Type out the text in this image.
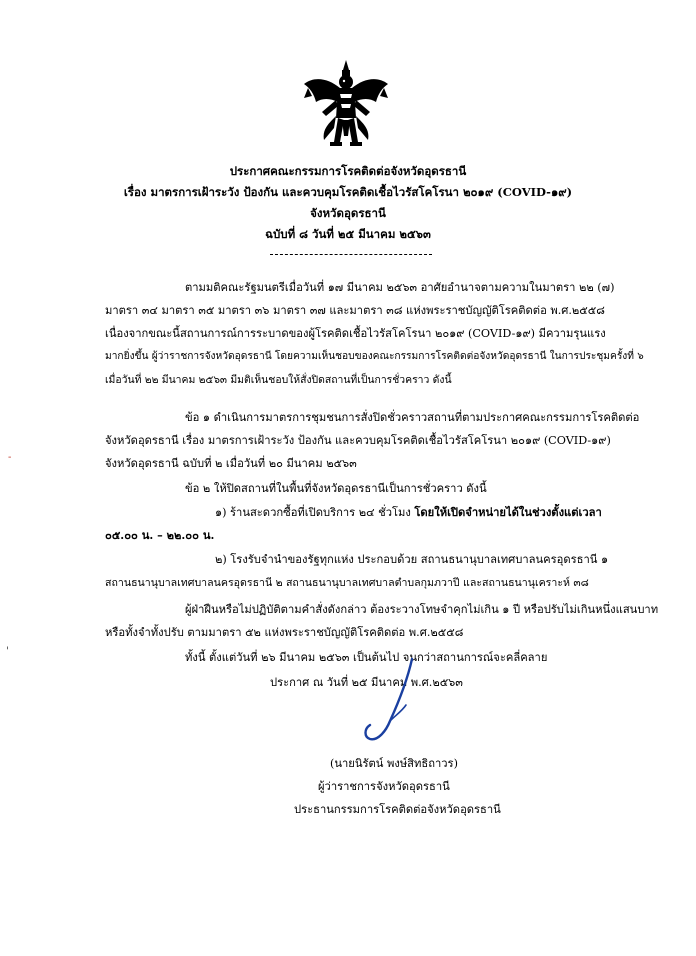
ประกาศคณะกรรมการโรคติดต่อจังหวัดอุดรธานี
เรื่อง มาตรการเฝ้าระวัง ป้องกัน และควบคุมโรคติดเชื้อไวรัสโคโรนา ๒๐๑๙ (COVID-๑๙)
จังหวัดอุดรธานี
ฉบับที่ ๘ วันที่ ๒๕ มีนาคม ๒๕๖๓
ตามมติคณะรัฐมนตรีเมื่อวันที่ ๑๗ มีนาคม ๒๕๖๓ อาศัยอำนาจตามความในมาตรา ๒๒ (๗)
มาตรา ๓๔ มาตรา ๓๕ มาตรา ๓๖ มาตรา ๓๗ และมาตรา ๓๘ แห่งพระราชบัญญัติโรคติดต่อ พ.ศ.๒๕๕๘
เนื่องจากขณะนี้สถานการณ์การระบาดของผู้โรคติดเชื้อไวรัสโคโรนา ๒๐๑๙ (COVID-๑๙) มีความรุนแรง
มากยิ่งขึ้น ผู้ว่าราชการจังหวัดอุดรธานี โดยความเห็นชอบของคณะกรรมการโรคติดต่อจังหวัดอุดรธานี ในการประชุมครั้งที่ ๖
เมื่อวันที่ ๒๒ มีนาคม ๒๕๖๓ มีมติเห็นชอบให้สั่งปิดสถานที่เป็นการชั่วคราว ดังนี้
ข้อ ๑ ดำเนินการมาตรการชุมชนการสั่งปิดชั่วคราวสถานที่ตามประกาศคณะกรรมการโรคติดต่อ
จังหวัดอุดรธานี เรื่อง มาตรการเฝ้าระวัง ป้องกัน และควบคุมโรคติดเชื้อไวรัสโคโรนา ๒๐๑๙ (COVID-๑๙)
จังหวัดอุดรธานี ฉบับที่ ๒ เมื่อวันที่ ๒๐ มีนาคม ๒๕๖๓
ข้อ ๒ ให้ปิดสถานที่ในพื้นที่จังหวัดอุดรธานีเป็นการชั่วคราว ดังนี้
๑) ร้านสะดวกซื้อที่เปิดบริการ ๒๔ ชั่วโมง โดยให้เปิดจำหน่ายได้ในช่วงตั้งแต่เวลา
๐๕.๐๐ น. – ๒๒.๐๐ น.
๒) โรงรับจำนำของรัฐทุกแห่ง ประกอบด้วย สถานธนานุบาลเทศบาลนครอุดรธานี ๑
สถานธนานุบาลเทศบาลนครอุดรธานี ๒ สถานธนานุบาลเทศบาลตำบลกุมภวาปี และสถานธนานุเคราะห์ ๓๘
ผู้ฝ่าฝืนหรือไม่ปฏิบัติตามคำสั่งดังกล่าว ต้องระวางโทษจำคุกไม่เกิน ๑ ปี หรือปรับไม่เกินหนึ่งแสนบาท
หรือทั้งจำทั้งปรับ ตามมาตรา ๕๒ แห่งพระราชบัญญัติโรคติดต่อ พ.ศ.๒๕๕๘
ทั้งนี้ ตั้งแต่วันที่ ๒๖ มีนาคม ๒๕๖๓ เป็นต้นไป จนกว่าสถานการณ์จะคลี่คลาย
ประกาศ ณ วันที่ ๒๕ มีนาคม พ.ศ.๒๕๖๓
(นายนิรัตน์ พงษ์สิทธิถาวร)
ผู้ว่าราชการจังหวัดอุดรธานี
ประธานกรรมการโรคติดต่อจังหวัดอุดรธานี
-
'
